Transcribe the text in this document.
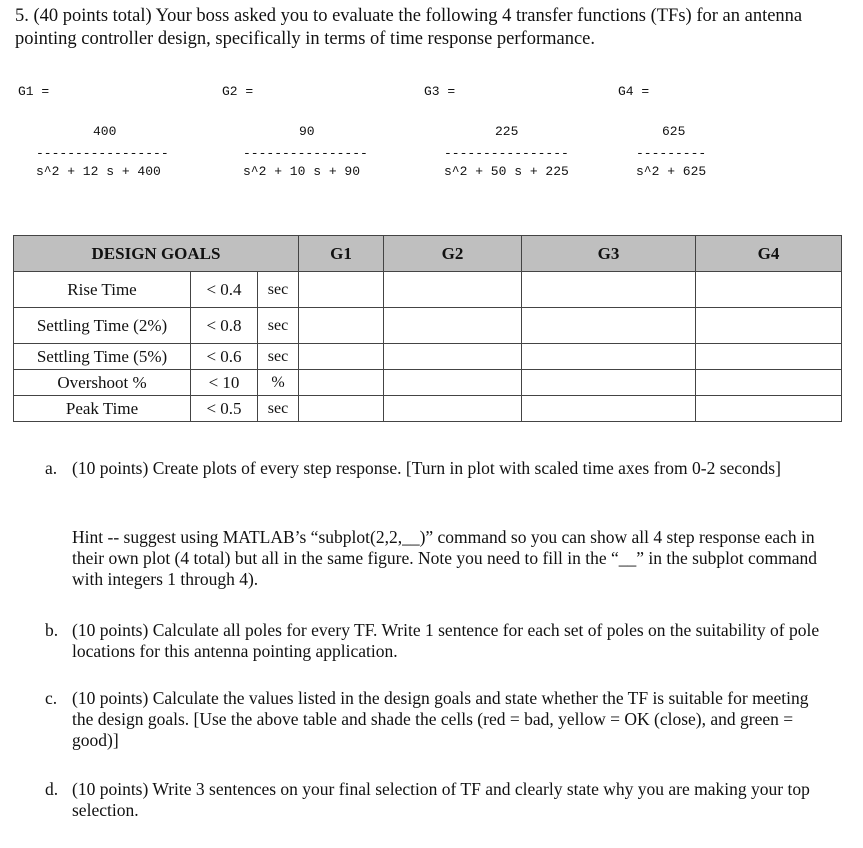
5. (40 points total) Your boss asked you to evaluate the following 4 transfer functions (TFs) for an antenna pointing controller design, specifically in terms of time response performance.
G1 =	G2 =	G3 =	G4 =
400	90	225	625
-----------------	----------------	----------------	---------
s^2 + 12 s + 400	s^2 + 10 s + 90	s^2 + 50 s + 225	s^2 + 625
DESIGN GOALS			G1	G2	G3	G4
Rise Time	< 0.4	sec				
Settling Time (2%)	< 0.8	sec				
Settling Time (5%)	< 0.6	sec				
Overshoot %	< 10	%				
Peak Time	< 0.5	sec				
a. (10 points) Create plots of every step response. [Turn in plot with scaled time axes from 0-2 seconds]
Hint -- suggest using MATLAB’s “subplot(2,2,__)” command so you can show all 4 step response each in their own plot (4 total) but all in the same figure. Note you need to fill in the “__” in the subplot command with integers 1 through 4).
b. (10 points) Calculate all poles for every TF. Write 1 sentence for each set of poles on the suitability of pole locations for this antenna pointing application.
c. (10 points) Calculate the values listed in the design goals and state whether the TF is suitable for meeting the design goals. [Use the above table and shade the cells (red = bad, yellow = OK (close), and green = good)]
d. (10 points) Write 3 sentences on your final selection of TF and clearly state why you are making your top selection.
